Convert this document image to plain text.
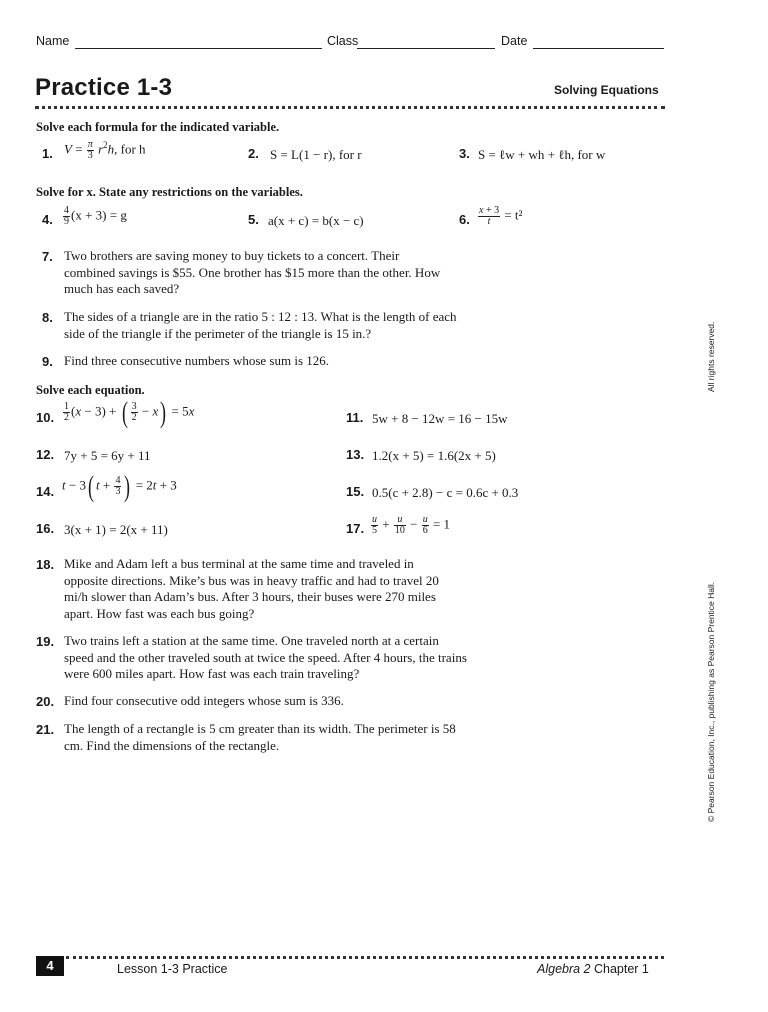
Name	Class	Date
Practice 1-3	Solving Equations
Solve each formula for the indicated variable.
1. $V = \frac{\pi}{3} r^2h$, for h	2. S = L(1 − r), for r	3. S = ℓw + wh + ℓh, for w
Solve for x. State any restrictions on the variables.
4. $\frac{4}{9} (x + 3) = g$	5. a(x + c) = b(x − c)	6. $\frac{x + 3}{t} = t^2$
7. Two brothers are saving money to buy tickets to a concert. Their combined savings is $55. One brother has $15 more than the other. How much has each saved?
8. The sides of a triangle are in the ratio 5 : 12 : 13. What is the length of each side of the triangle if the perimeter of the triangle is 15 in.?
9. Find three consecutive numbers whose sum is 126.
Solve each equation.
10. $\frac{1}{2} (x - 3)$ + ( $\frac{3}{2} - x) = 5x$	11. 5w + 8 − 12w = 16 − 15w
12. 7y + 5 = 6y + 11	13. 1.2(x + 5) = 1.6(2x + 5)
14. t − 3( $t + \frac{4}{3}$ ) = 2t + 3	15. 0.5(c + 2.8) − c = 0.6c + 0.3
16. 3(x + 1) = 2(x + 11)	17. $\frac{u}{5} + \frac{u}{10} - \frac{u}{6} = 1$
18. Mike and Adam left a bus terminal at the same time and traveled in opposite directions. Mike’s bus was in heavy traffic and had to travel 20 mi/h slower than Adam’s bus. After 3 hours, their buses were 270 miles apart. How fast was each bus going?
19. Two trains left a station at the same time. One traveled north at a certain speed and the other traveled south at twice the speed. After 4 hours, the trains were 600 miles apart. How fast was each train traveling?
20. Find four consecutive odd integers whose sum is 336.
21. The length of a rectangle is 5 cm greater than its width. The perimeter is 58 cm. Find the dimensions of the rectangle.
All rights reserved.
© Pearson Education, Inc., publishing as Pearson Prentice Hall.
4	Lesson 1-3 Practice	Algebra 2 Chapter 1
